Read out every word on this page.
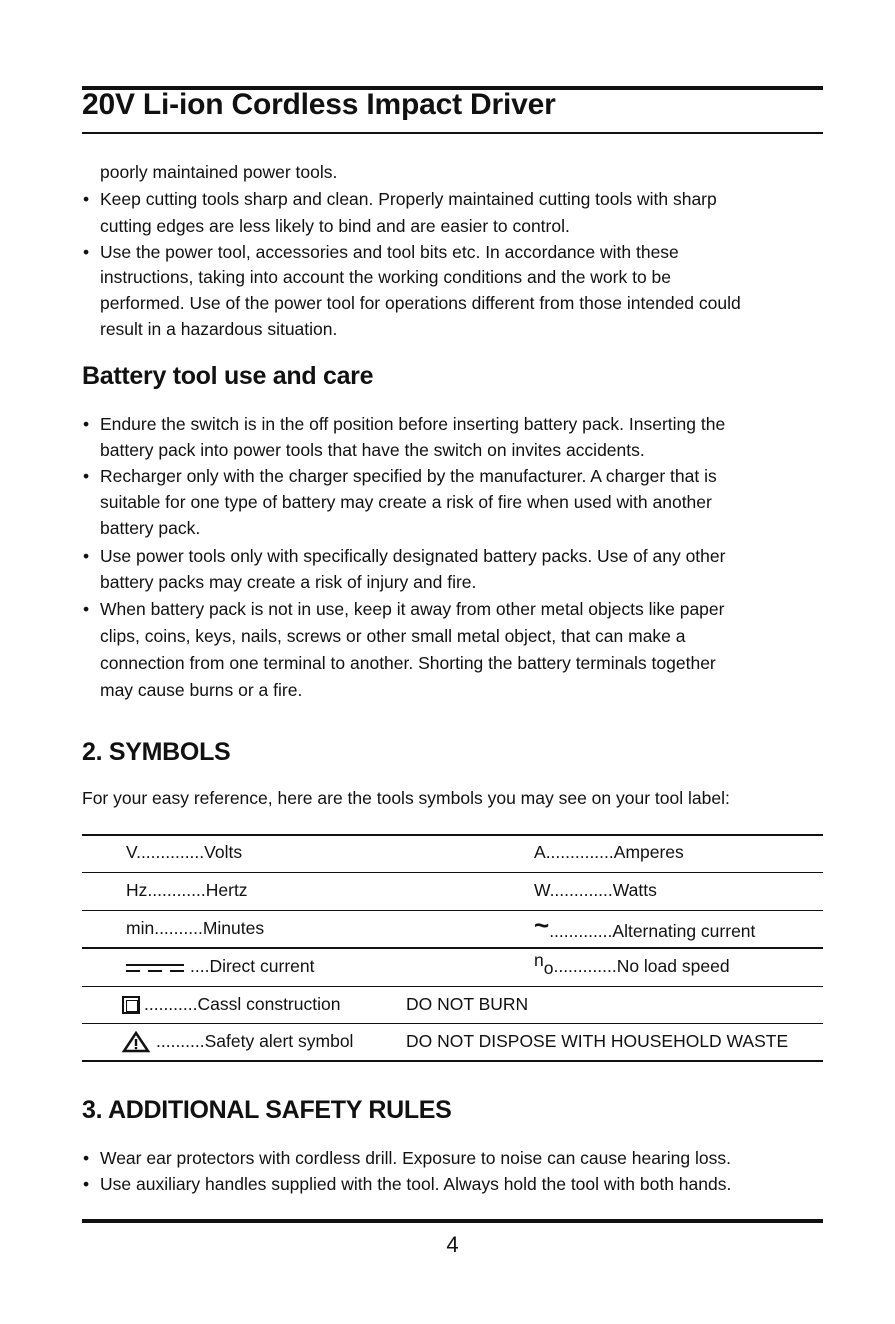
20V Li-ion Cordless Impact Driver
poorly maintained power tools.
• Keep cutting tools sharp and clean. Properly maintained cutting tools with sharp
cutting edges are less likely to bind and are easier to control.
• Use the power tool, accessories and tool bits etc. In accordance with these
instructions, taking into account the working conditions and the work to be
performed. Use of the power tool for operations different from those intended could
result in a hazardous situation.
Battery tool use and care
• Endure the switch is in the off position before inserting battery pack. Inserting the
battery pack into power tools that have the switch on invites accidents.
• Recharger only with the charger specified by the manufacturer. A charger that is
suitable for one type of battery may create a risk of fire when used with another
battery pack.
• Use power tools only with specifically designated battery packs. Use of any other
battery packs may create a risk of injury and fire.
• When battery pack is not in use, keep it away from other metal objects like paper
clips, coins, keys, nails, screws or other small metal object, that can make a
connection from one terminal to another. Shorting the battery terminals together
may cause burns or a fire.
2. SYMBOLS
For your easy reference, here are the tools symbols you may see on your tool label:
V..............Volts	A..............Amperes
Hz............Hertz	W.............Watts
min..........Minutes	~.............Alternating current
....Direct current	no.............No load speed
...........Cassl construction	DO NOT BURN
..........Safety alert symbol	DO NOT DISPOSE WITH HOUSEHOLD WASTE
3. ADDITIONAL SAFETY RULES
• Wear ear protectors with cordless drill. Exposure to noise can cause hearing loss.
• Use auxiliary handles supplied with the tool. Always hold the tool with both hands.
4
